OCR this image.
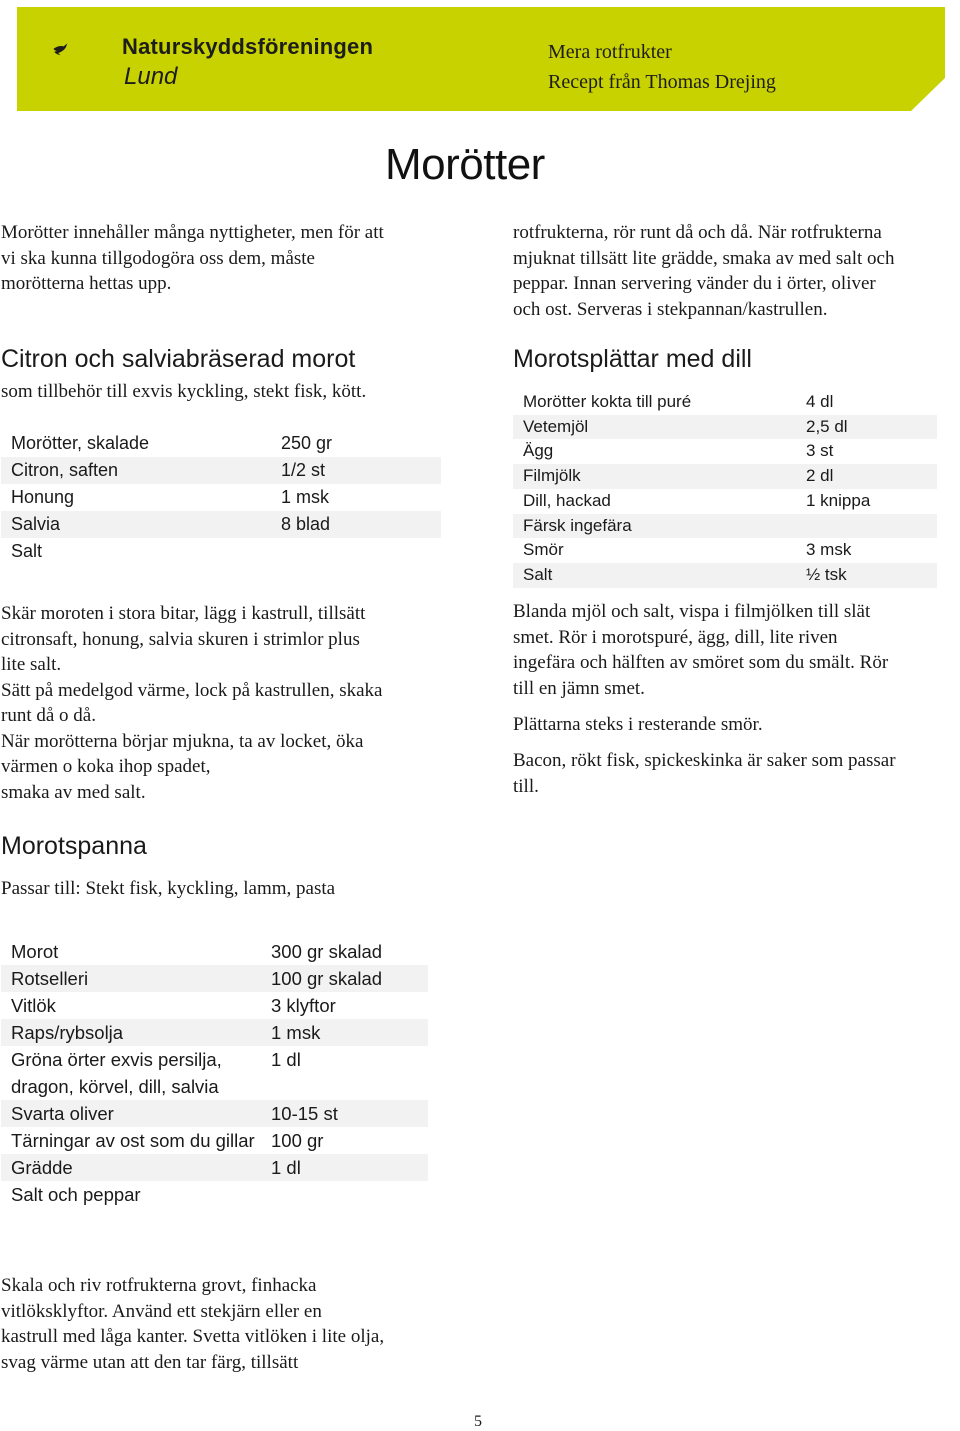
Naturskyddsföreningen
Lund
Mera rotfrukter
Recept från Thomas Drejing
Morötter

Morötter innehåller många nyttigheter, men för att

vi ska kunna tillgodogöra oss dem, måste

morötterna hettas upp.

Citron och salviabräserad morot
som tillbehör till exvis kyckling, stekt fisk, kött.
Morötter, skalade	250 gr
Citron, saften	1/2 st
Honung	1 msk
Salvia	8 blad
Salt	

Skär moroten i stora bitar, lägg i kastrull, tillsätt

citronsaft, honung, salvia skuren i strimlor plus

lite salt.

Sätt på medelgod värme, lock på kastrullen, skaka

runt då o då.

När morötterna börjar mjukna, ta av locket, öka

värmen o koka ihop spadet,

smaka av med salt.

Morotspanna
Passar till: Stekt fisk, kyckling, lamm, pasta
Morot	300 gr skalad
Rotselleri	100 gr skalad
Vitlök	3 klyftor
Raps/rybsolja	1 msk
Gröna örter exvis persilja, dragon, körvel, dill, salvia	1 dl
Svarta oliver	10-15 st
Tärningar av ost som du gillar	100 gr
Grädde	1 dl
Salt och peppar	

Skala och riv rotfrukterna grovt, finhacka

vitlöksklyftor. Använd ett stekjärn eller en

kastrull med låga kanter. Svetta vitlöken i lite olja,

svag värme utan att den tar färg, tillsätt

rotfrukterna, rör runt då och då. När rotfrukterna

mjuknat tillsätt lite grädde, smaka av med salt och

peppar. Innan servering vänder du i örter, oliver

och ost. Serveras i stekpannan/kastrullen.

Morotsplättar med dill
Morötter kokta till puré	4 dl
Vetemjöl	2,5 dl
Ägg	3 st
Filmjölk	2 dl
Dill, hackad	1 knippa
Färsk ingefära	
Smör	3 msk
Salt	½ tsk

Blanda mjöl och salt, vispa i filmjölken till slät

smet. Rör i morotspuré, ägg, dill, lite riven

ingefära och hälften av smöret som du smält. Rör

till en jämn smet.

Plättarna steks i resterande smör.

Bacon, rökt fisk, spickeskinka är saker som passar

till.

5
